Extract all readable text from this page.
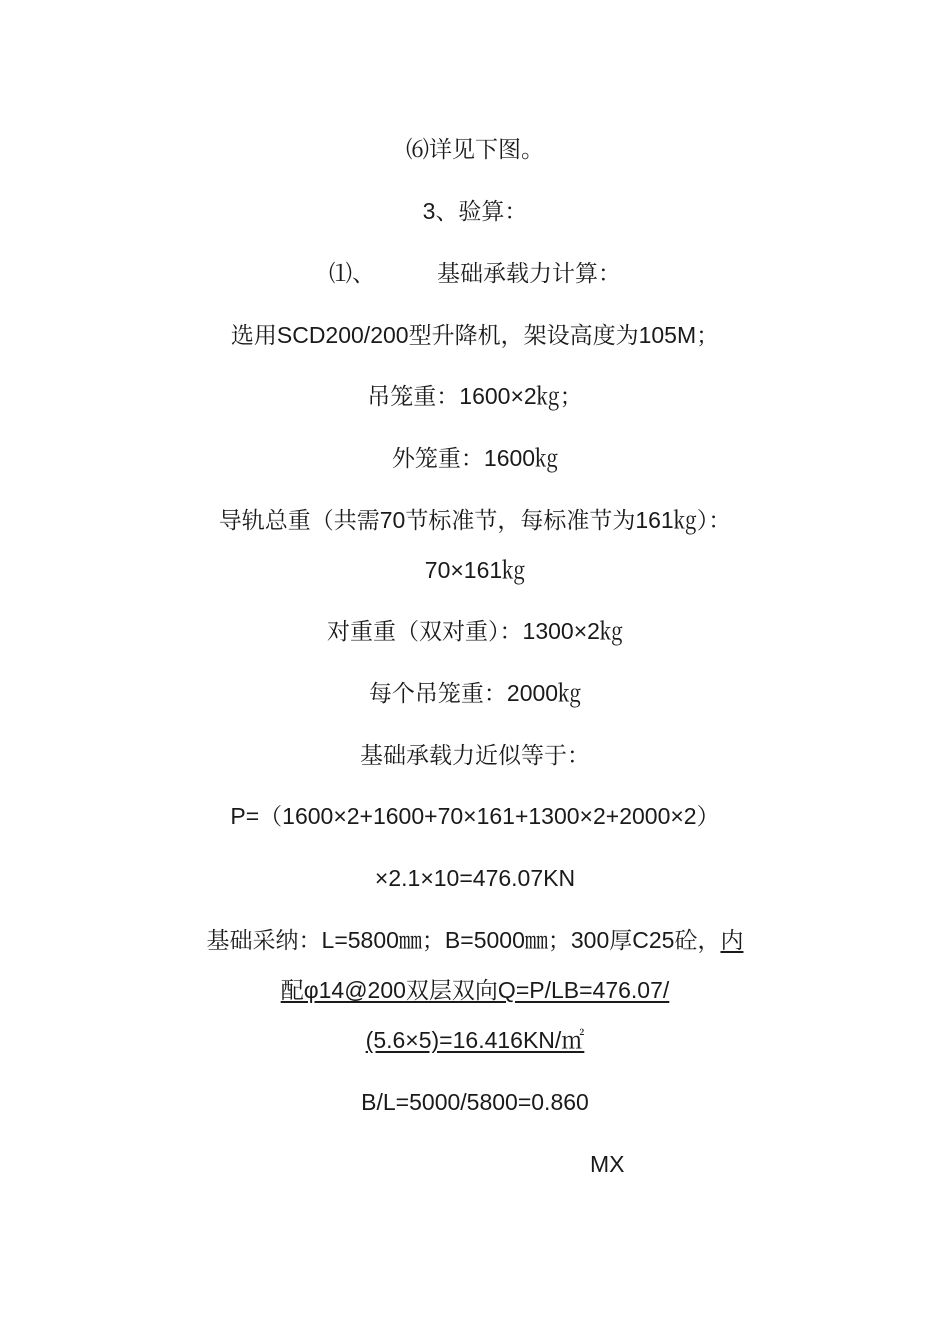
⑹详见下图。
3、验算：
⑴、	基础承载力计算：
选用SCD200/200型升降机，架设高度为105M；
吊笼重：1600×2㎏；
外笼重：1600㎏
导轨总重（共需70节标准节，每标准节为161㎏）：
70×161㎏
对重重（双对重）：1300×2㎏
每个吊笼重：2000㎏
基础承载力近似等于：
P=（1600×2+1600+70×161+1300×2+2000×2）
×2.1×10=476.07KN
基础采纳：L=5800㎜；B=5000㎜；300厚C25砼，内
配φ14@200双层双向Q=P/LB=476.07/
(5.6×5)=16.416KN/㎡
B/L=5000/5800=0.860
MX
